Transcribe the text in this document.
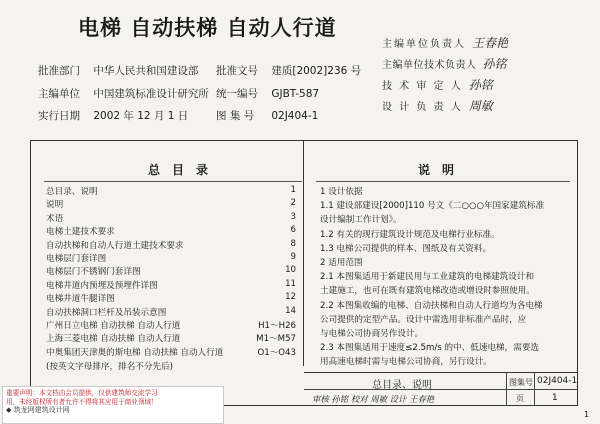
电梯 自动扶梯 自动人行道
批准部门 中华人民共和国建设部 批准文号 建质[2002]236 号
主编单位 中国建筑标准设计研究所 统一编号 GJBT-587
实行日期 2002 年 12 月 1 日	图 集 号 02J404-1
主编单位负责人 王春艳
主编单位技术负责人 孙铭
技 术 审 定 人 孙铭
设 计 负 责 人 周敏
总目录
总目录、说明	1
说明	2
术语	3
电梯土建技术要求	6
自动扶梯和自动人行道土建技术要求	8
电梯层门套详图	9
电梯层门不锈钢门套详图	10
电梯井道内预埋及预埋件详图	11
电梯井道牛腿详图	12
自动扶梯洞口栏杆及吊装示意图	14
广州日立电梯 自动扶梯 自动人行道	H1～H26
上海三菱电梯 自动扶梯 自动人行道	M1～M57
中奥集团天津奥的斯电梯 自动扶梯 自动人行道	O1～O43
(按英文字母排序，排名不分先后)
说明
1 设计依据
1.1 建设部建设[2000]110 号文《二○○○年国家建筑标准
设计编制工作计划》。
1.2 有关的现行建筑设计规范及电梯行业标准。
1.3 电梯公司提供的样本、图纸及有关资料。
2 适用范围
2.1 本图集适用于新建民用与工业建筑的电梯建筑设计和
土建施工，也可在既有建筑电梯改造或增设时参照使用。
2.2 本图集收编的电梯、自动扶梯和自动人行道均为各电梯
公司提供的定型产品。设计中需选用非标准产品时，应
与电梯公司协商另作设计。
2.3 本图集适用于速度≤2.5m/s 的中、低速电梯，需要选
用高速电梯时需与电梯公司协商，另行设计。
总目录、说明	图集号 02J404-1
页	1
审核 孙铭 校对 周敏 设计 王春艳
1
重要声明：本文档由会员提供，仅供建筑师交流学习
用，未经版权所有者允许不得将其应用于商业领域！
◆ 筑龙网建筑设计网
